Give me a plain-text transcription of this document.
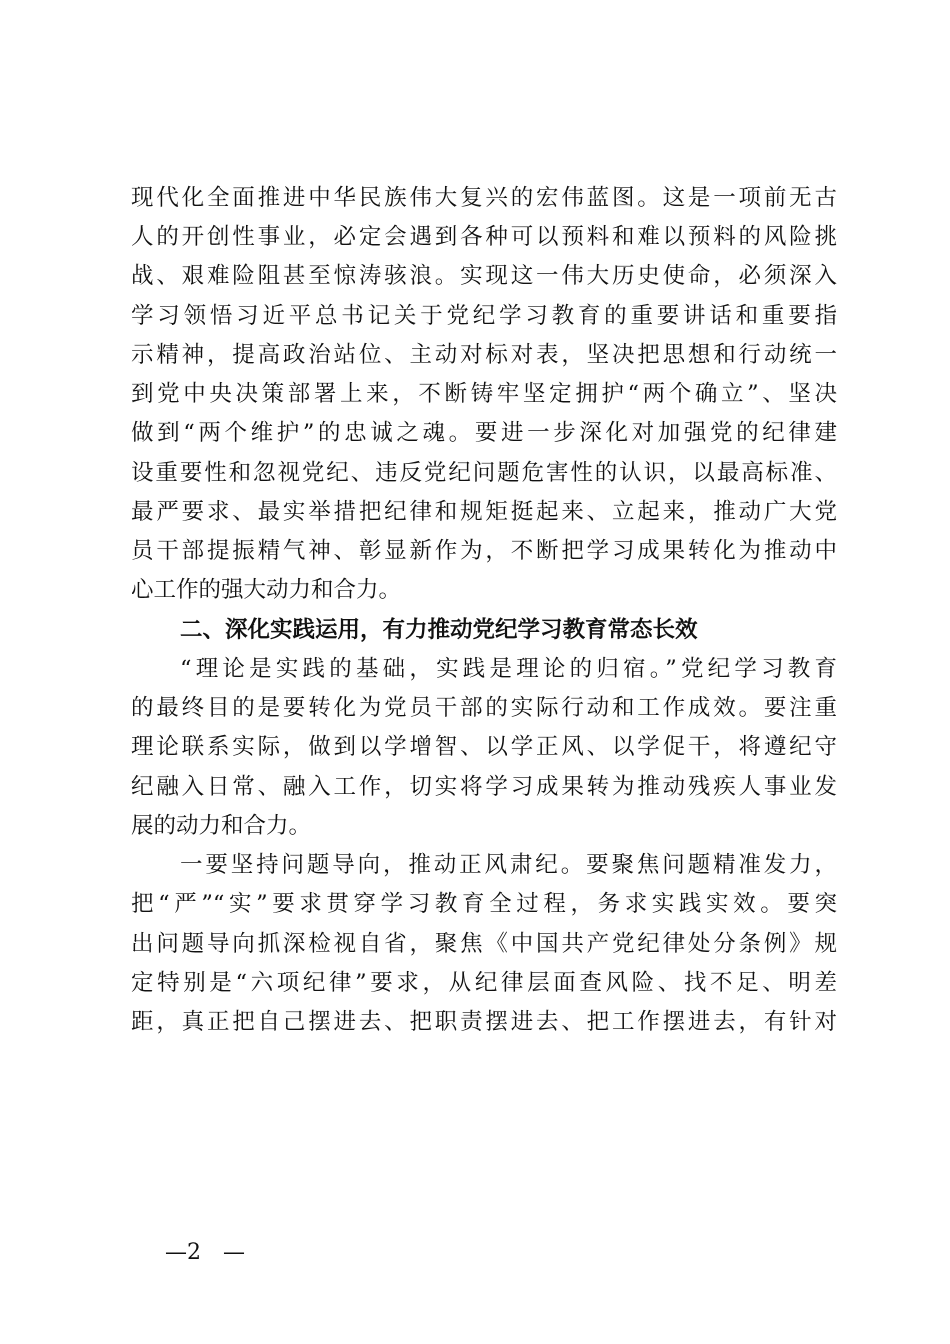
现代化全面推进中华民族伟大复兴的宏伟蓝图。这是一项前无古
人的开创性事业，必定会遇到各种可以预料和难以预料的风险挑
战、艰难险阻甚至惊涛骇浪。实现这一伟大历史使命，必须深入
学习领悟习近平总书记关于党纪学习教育的重要讲话和重要指
示精神，提高政治站位、主动对标对表，坚决把思想和行动统一
到党中央决策部署上来，不断铸牢坚定拥护“两个确立”、坚决
做到“两个维护”的忠诚之魂。要进一步深化对加强党的纪律建
设重要性和忽视党纪、违反党纪问题危害性的认识，以最高标准、
最严要求、最实举措把纪律和规矩挺起来、立起来，推动广大党
员干部提振精气神、彰显新作为，不断把学习成果转化为推动中
心工作的强大动力和合力。
二、深化实践运用，有力推动党纪学习教育常态长效
“理论是实践的基础，实践是理论的归宿。”党纪学习教育
的最终目的是要转化为党员干部的实际行动和工作成效。要注重
理论联系实际，做到以学增智、以学正风、以学促干，将遵纪守
纪融入日常、融入工作，切实将学习成果转为推动残疾人事业发
展的动力和合力。
一要坚持问题导向，推动正风肃纪。要聚焦问题精准发力，
把“严”“实”要求贯穿学习教育全过程，务求实践实效。要突
出问题导向抓深检视自省，聚焦《中国共产党纪律处分条例》规
定特别是“六项纪律”要求，从纪律层面查风险、找不足、明差
距，真正把自己摆进去、把职责摆进去、把工作摆进去，有针对
—2　—
